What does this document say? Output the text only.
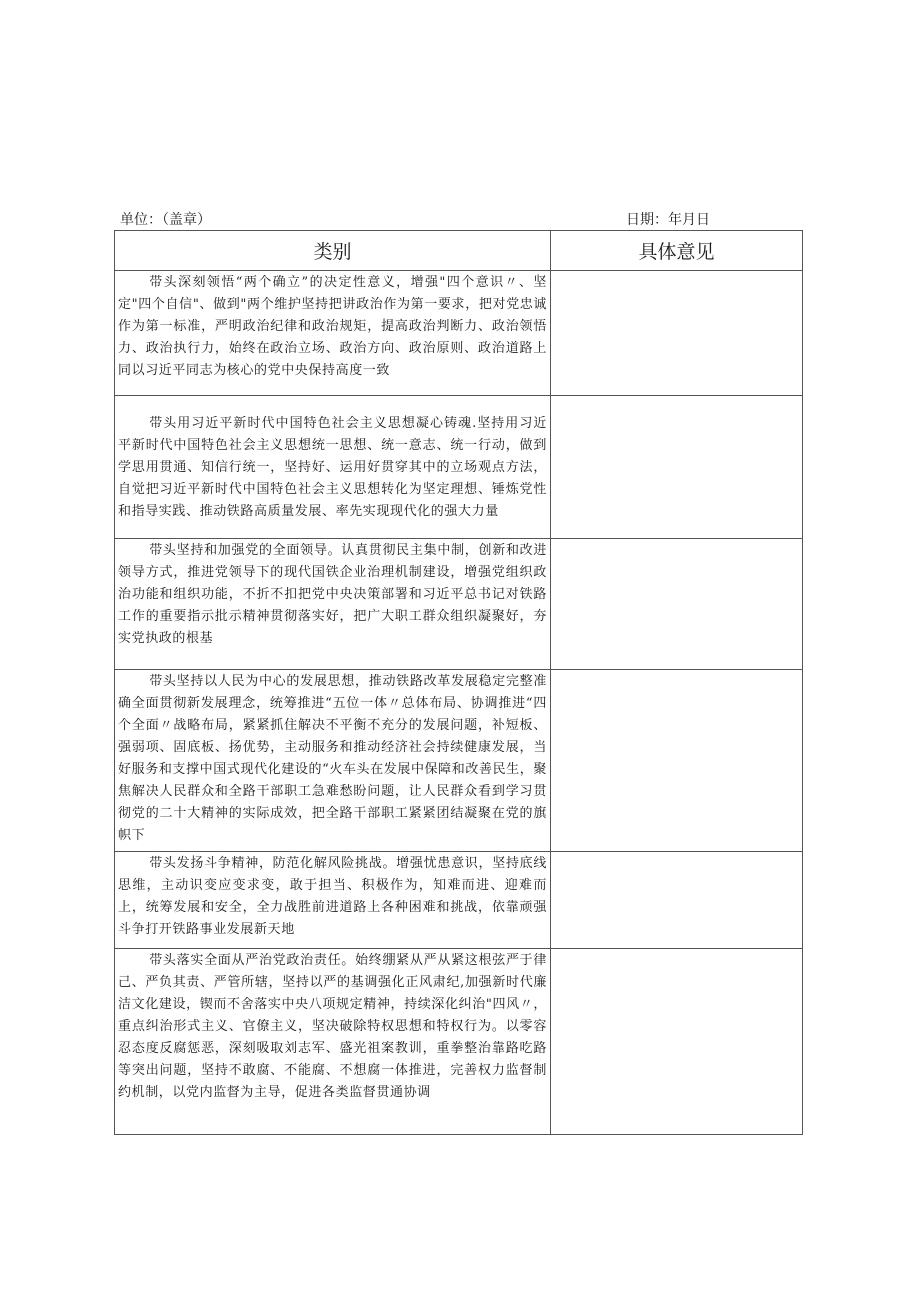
单位：（盖章）	日期：年月日
类别	具体意见

带头深刻领悟“两个确立”的决定性意义，增强"四个意识〃、坚定"四个自信"、做到"两个维护坚持把讲政治作为第一要求，把对党忠诚作为第一标准，严明政治纪律和政治规矩，提高政治判断力、政治领悟力、政治执行力，始终在政治立场、政治方向、政治原则、政治道路上同以习近平同志为核心的党中央保持高度一致	

带头用习近平新时代中国特色社会主义思想凝心铸魂.坚持用习近平新时代中国特色社会主义思想统一思想、统一意志、统一行动，做到学思用贯通、知信行统一，坚持好、运用好贯穿其中的立场观点方法，自觉把习近平新时代中国特色社会主义思想转化为坚定理想、锤炼党性和指导实践、推动铁路高质量发展、率先实现现代化的强大力量	

带头坚持和加强党的全面领导。认真贯彻民主集中制，创新和改进领导方式，推进党领导下的现代国铁企业治理机制建设，增强党组织政治功能和组织功能，不折不扣把党中央决策部署和习近平总书记对铁路工作的重要指示批示精神贯彻落实好，把广大职工群众组织凝聚好，夯实党执政的根基	

带头坚持以人民为中心的发展思想，推动铁路改革发展稳定完整准确全面贯彻新发展理念，统筹推进“五位一体〃总体布局、协调推进“四个全面〃战略布局，紧紧抓住解决不平衡不充分的发展问题，补短板、强弱项、固底板、扬优势，主动服务和推动经济社会持续健康发展，当好服务和支撑中国式现代化建设的“火车头在发展中保障和改善民生，聚焦解决人民群众和全路干部职工急难愁盼问题，让人民群众看到学习贯彻党的二十大精神的实际成效，把全路干部职工紧紧团结凝聚在党的旗帜下	

带头发扬斗争精神，防范化解风险挑战。增强忧患意识，坚持底线思维，主动识变应变求变，敢于担当、积极作为，知难而进、迎难而上，统筹发展和安全，全力战胜前进道路上各种困难和挑战，依靠顽强斗争打开铁路事业发展新天地	

带头落实全面从严治党政治责任。始终绷紧从严从紧这根弦严于律己、严负其责、严管所辖，坚持以严的基调强化正风肃纪,加强新时代廉洁文化建设，锲而不舍落实中央八项规定精神，持续深化纠治"四风〃，重点纠治形式主义、官僚主义，坚决破除特权思想和特权行为。以零容忍态度反腐惩恶，深刻吸取刘志军、盛光祖案教训，重拳整治靠路吃路等突出问题，坚持不敢腐、不能腐、不想腐一体推进，完善权力监督制约机制，以党内监督为主导，促进各类监督贯通协调	
